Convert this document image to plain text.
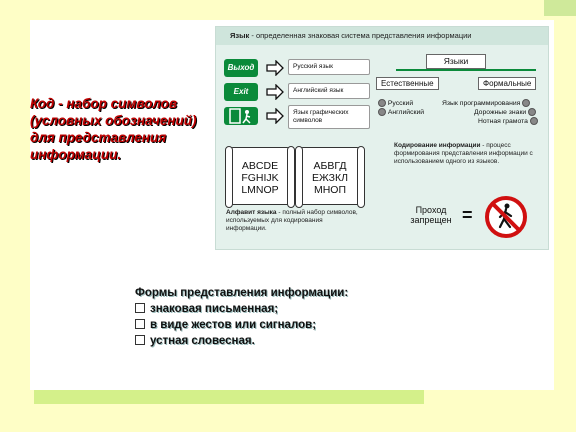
Код - набор символов (условных обозначений) для представления информации.

Язык - определенная знаковая система представления информации
Выход
Exit
Русский язык
Английский язык
Язык графических символов
ABCDE
FGHIJK
LMNOP
АБВГД
ЕЖЗКЛ
МНОП
Алфавит языка - полный набор символов, используемых для кодирования информации.
Языки
Естественные	Формальные
Русский
Английский
Язык программирования
Дорожные знаки
Нотная грамота
Кодирование информации - процесс формирования представления информации с использованием одного из языков.
Проход запрещен =
Формы представления информации:
знаковая письменная;
в виде жестов или сигналов;
устная словесная.
